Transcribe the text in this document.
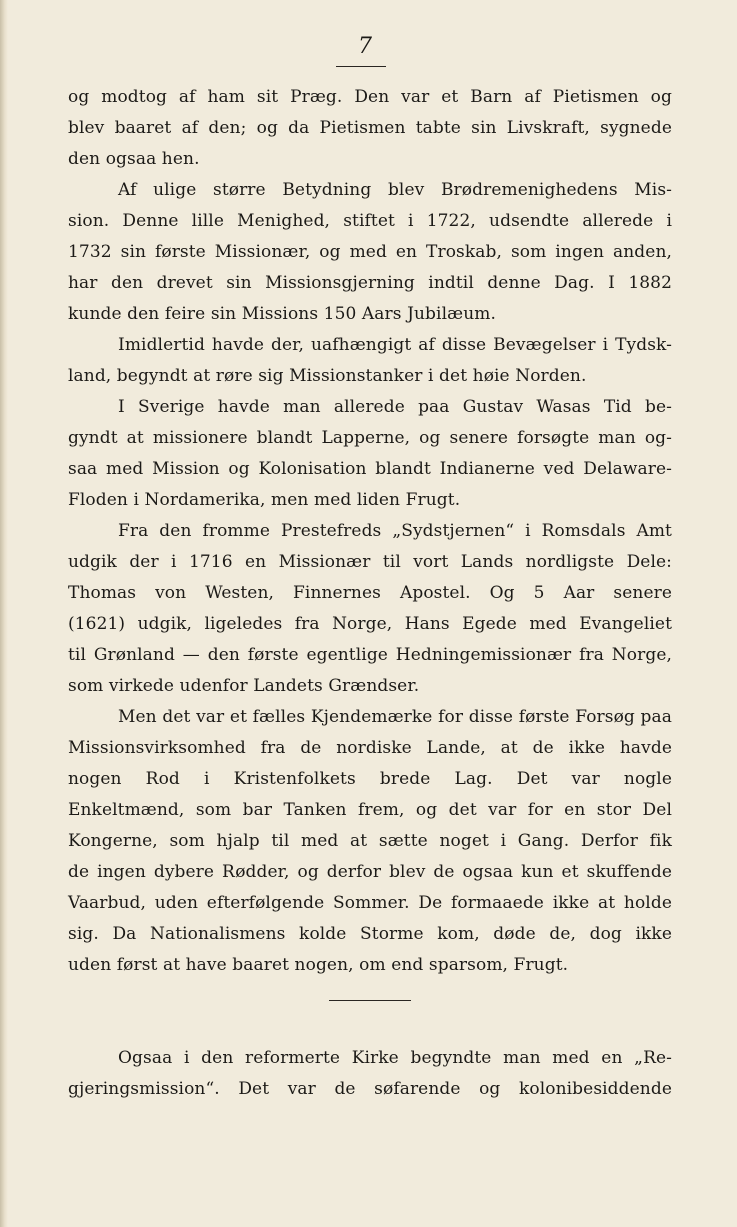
7
og modtog af ham sit Præg. Den var et Barn af Pietismen og
blev baaret af den; og da Pietismen tabte sin Livskraft, sygnede
den ogsaa hen.
Af ulige større Betydning blev Brødremenighedens Mis-
sion. Denne lille Menighed, stiftet i 1722, udsendte allerede i
1732 sin første Missionær, og med en Troskab, som ingen anden,
har den drevet sin Missionsgjerning indtil denne Dag. I 1882
kunde den feire sin Missions 150 Aars Jubilæum.
Imidlertid havde der, uafhængigt af disse Bevægelser i Tydsk-
land, begyndt at røre sig Missionstanker i det høie Norden.
I Sverige havde man allerede paa Gustav Wasas Tid be-
gyndt at missionere blandt Lapperne, og senere forsøgte man og-
saa med Mission og Kolonisation blandt Indianerne ved Delaware-
Floden i Nordamerika, men med liden Frugt.
Fra den fromme Prestefreds „Sydstjernen“ i Romsdals Amt
udgik der i 1716 en Missionær til vort Lands nordligste Dele:
Thomas von Westen, Finnernes Apostel. Og 5 Aar senere
(1621) udgik, ligeledes fra Norge, Hans Egede med Evangeliet
til Grønland — den første egentlige Hedningemissionær fra Norge,
som virkede udenfor Landets Grændser.
Men det var et fælles Kjendemærke for disse første Forsøg paa
Missionsvirksomhed fra de nordiske Lande, at de ikke havde
nogen Rod i Kristenfolkets brede Lag. Det var nogle
Enkeltmænd, som bar Tanken frem, og det var for en stor Del
Kongerne, som hjalp til med at sætte noget i Gang. Derfor fik
de ingen dybere Rødder, og derfor blev de ogsaa kun et skuffende
Vaarbud, uden efterfølgende Sommer. De formaaede ikke at holde
sig. Da Nationalismens kolde Storme kom, døde de, dog ikke
uden først at have baaret nogen, om end sparsom, Frugt.
Ogsaa i den reformerte Kirke begyndte man med en „Re-
gjeringsmission“. Det var de søfarende og kolonibesiddende
